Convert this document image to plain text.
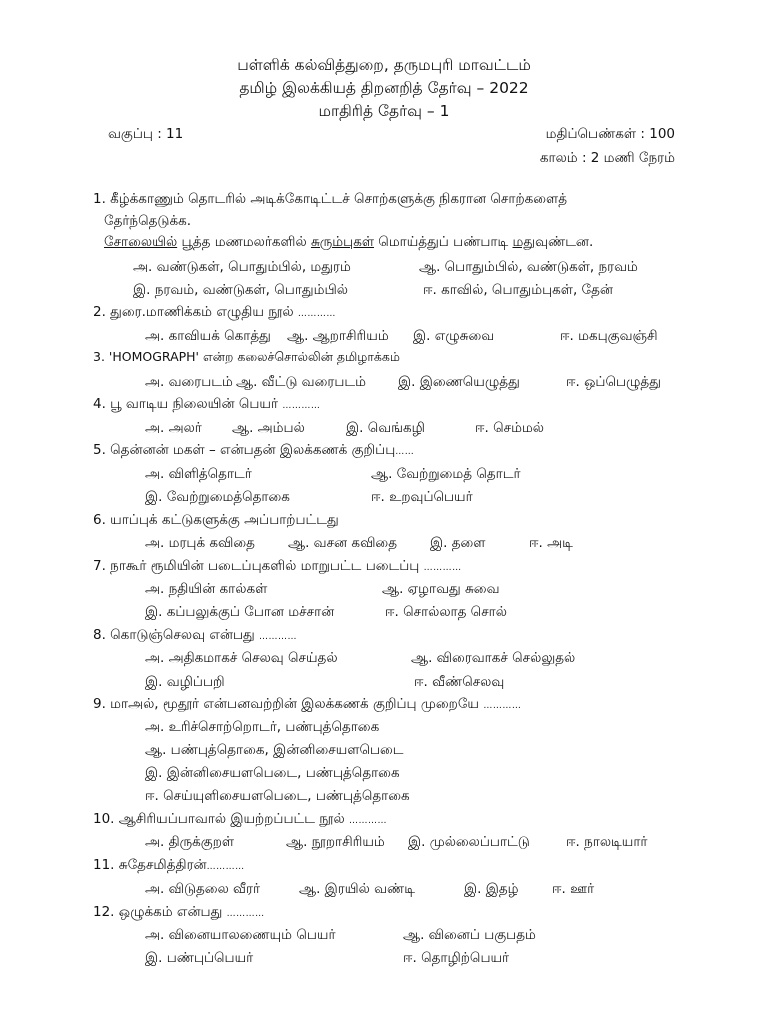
பள்ளிக் கல்வித்துறை, தருமபுரி மாவட்டம்
தமிழ் இலக்கியத் திறனறித் தேர்வு – 2022
மாதிரித் தேர்வு – 1
வகுப்பு : 11	மதிப்பெண்கள் : 100
காலம் : 2 மணி நேரம்
1. கீழ்க்காணும் தொடரில் அடிக்கோடிட்டச் சொற்களுக்கு நிகரான சொற்களைத்
தேர்ந்தெடுக்க.
சோலையில் பூத்த மணமலர்களில் சுரும்புகள் மொய்த்துப் பண்பாடி மதுவுண்டன.
அ. வண்டுகள், பொதும்பில், மதுரம்	ஆ. பொதும்பில், வண்டுகள், நரவம்
இ. நரவம், வண்டுகள், பொதும்பில்	ஈ. காவில், பொதும்புகள், தேன்
2. துரை.மாணிக்கம் எழுதிய நூல் …………
அ. காவியக் கொத்து ஆ. ஆறாசிரியம் இ. எழுசுவை	ஈ. மகபுகுவஞ்சி
3. 'HOMOGRAPH' என்ற கலைச்சொல்லின் தமிழாக்கம்
அ. வரைபடம் ஆ. வீட்டு வரைபடம் இ. இணையெழுத்து	ஈ. ஒப்பெழுத்து
4. பூ வாடிய நிலையின் பெயர் …………
அ. அலர் ஆ. அம்பல்	இ. வெங்கழி	ஈ. செம்மல்
5. தென்னன் மகள் – என்பதன் இலக்கணக் குறிப்பு……
அ. விளித்தொடர்	ஆ. வேற்றுமைத் தொடர்
இ. வேற்றுமைத்தொகை	ஈ. உறவுப்பெயர்
6. யாப்புக் கட்டுகளுக்கு அப்பாற்பட்டது
அ. மரபுக் கவிதை ஆ. வசன கவிதை இ. தளை	ஈ. அடி
7. நாகூர் ரூமியின் படைப்புகளில் மாறுபட்ட படைப்பு …………
அ. நதியின் கால்கள்	ஆ. ஏழாவது சுவை
இ. கப்பலுக்குப் போன மச்சான்	ஈ. சொல்லாத சொல்
8. கொடுஞ்செலவு என்பது …………
அ. அதிகமாகச் செலவு செய்தல்	ஆ. விரைவாகச் செல்லுதல்
இ. வழிப்பறி	ஈ. வீண்செலவு
9. மாஅல், மூதூர் என்பனவற்றின் இலக்கணக் குறிப்பு முறையே …………
அ. உரிச்சொற்றொடர், பண்புத்தொகை
ஆ. பண்புத்தொகை, இன்னிசையளபெடை
இ. இன்னிசையளபெடை, பண்புத்தொகை
ஈ. செய்யுளிசையளபெடை, பண்புத்தொகை
10. ஆசிரியப்பாவால் இயற்றப்பட்ட நூல் …………
அ. திருக்குறள்	ஆ. நூறாசிரியம் இ. முல்லைப்பாட்டு	ஈ. நாலடியார்
11. சுதேசமித்திரன்…………
அ. விடுதலை வீரர்	ஆ. இரயில் வண்டி	இ. இதழ் ஈ. ஊர்
12. ஒழுக்கம் என்பது …………
அ. வினையாலணையும் பெயர்	ஆ. வினைப் பகுபதம்
இ. பண்புப்பெயர்	ஈ. தொழிற்பெயர்
